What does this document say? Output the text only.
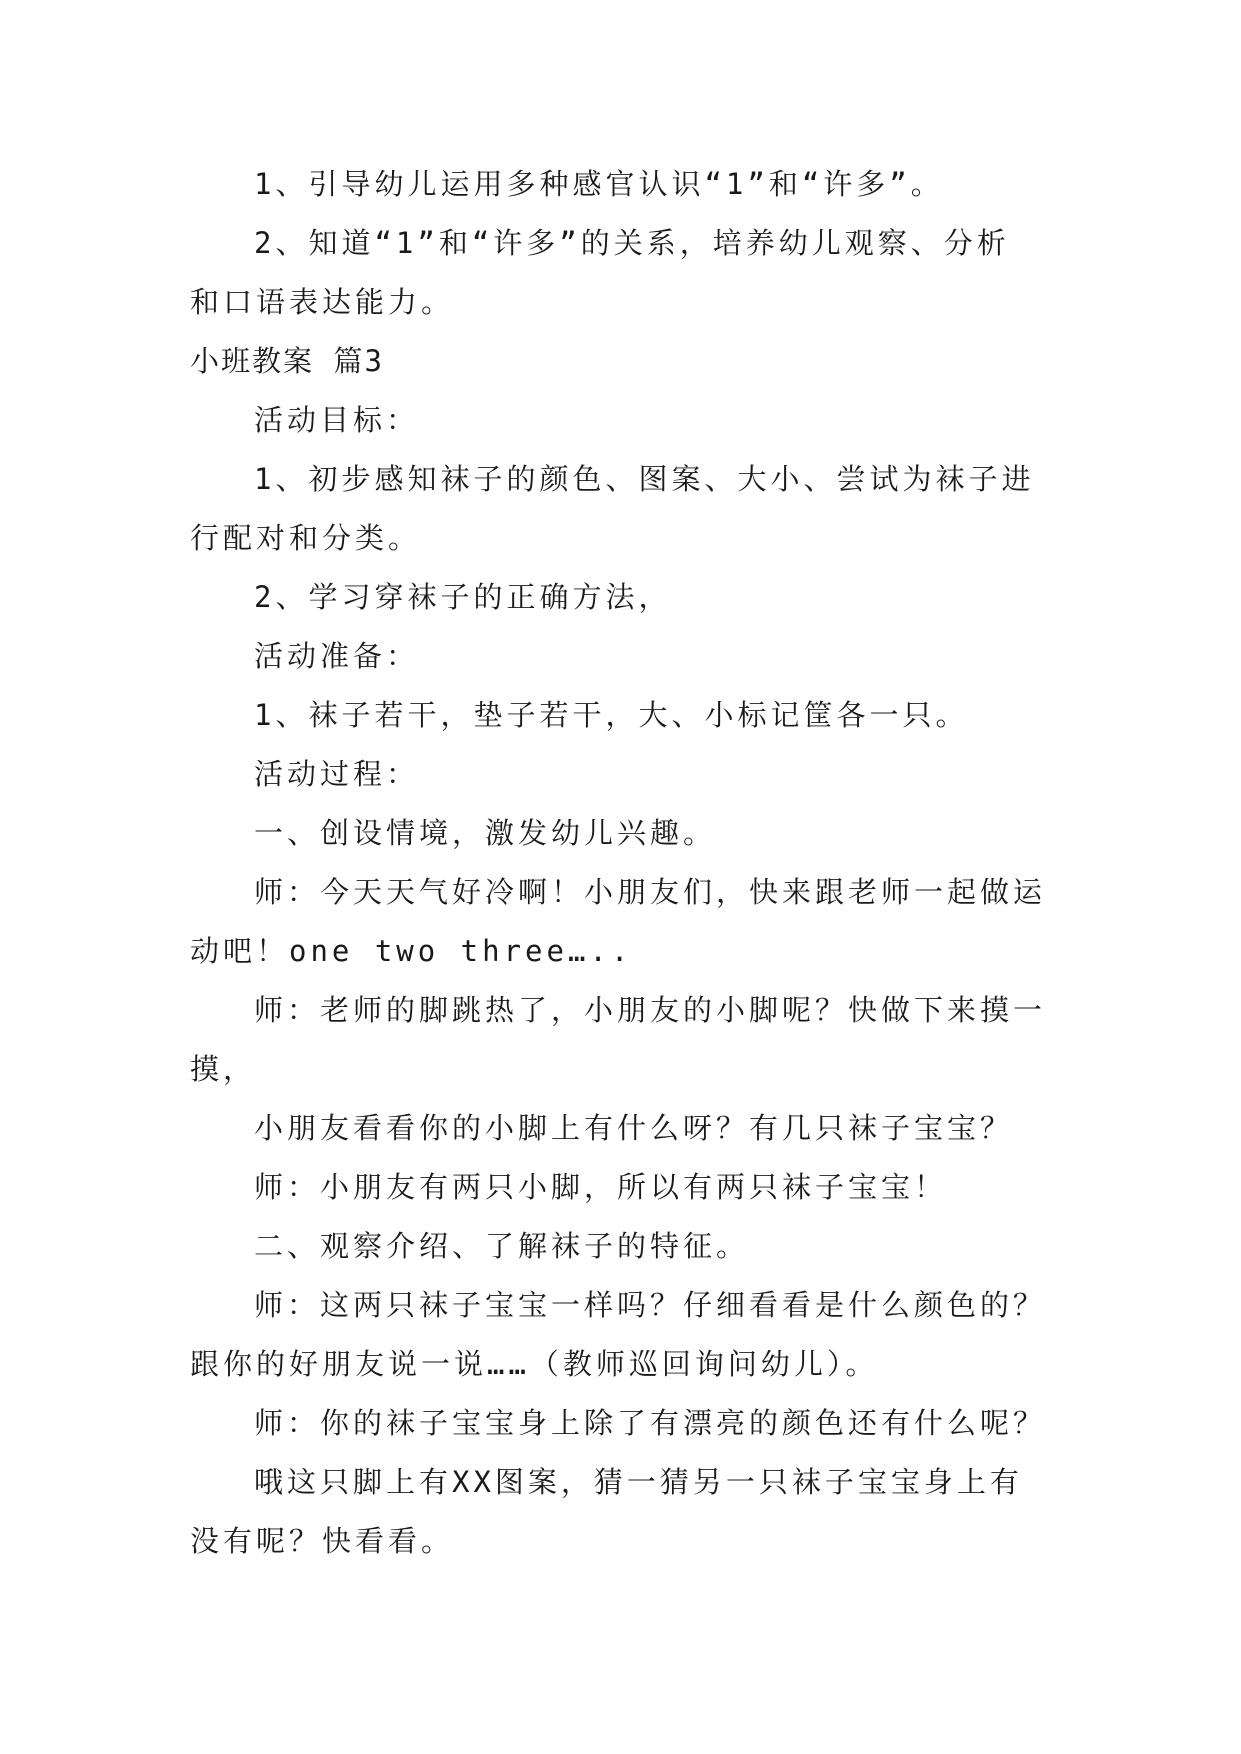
1、引导幼儿运用多种感官认识“1”和“许多”。
2、知道“1”和“许多”的关系，培养幼儿观察、分析
和口语表达能力。
小班教案 篇3
活动目标：
1、初步感知袜子的颜色、图案、大小、尝试为袜子进
行配对和分类。
2、学习穿袜子的正确方法，
活动准备：
1、袜子若干，垫子若干，大、小标记筐各一只。
活动过程：
一、创设情境，激发幼儿兴趣。
师：今天天气好冷啊！小朋友们，快来跟老师一起做运
动吧！one two three…..
师：老师的脚跳热了，小朋友的小脚呢？快做下来摸一
摸，
小朋友看看你的小脚上有什么呀？有几只袜子宝宝？
师：小朋友有两只小脚，所以有两只袜子宝宝！
二、观察介绍、了解袜子的特征。
师：这两只袜子宝宝一样吗？仔细看看是什么颜色的？
跟你的好朋友说一说……（教师巡回询问幼儿）。
师：你的袜子宝宝身上除了有漂亮的颜色还有什么呢？
哦这只脚上有XX图案，猜一猜另一只袜子宝宝身上有
没有呢？快看看。
